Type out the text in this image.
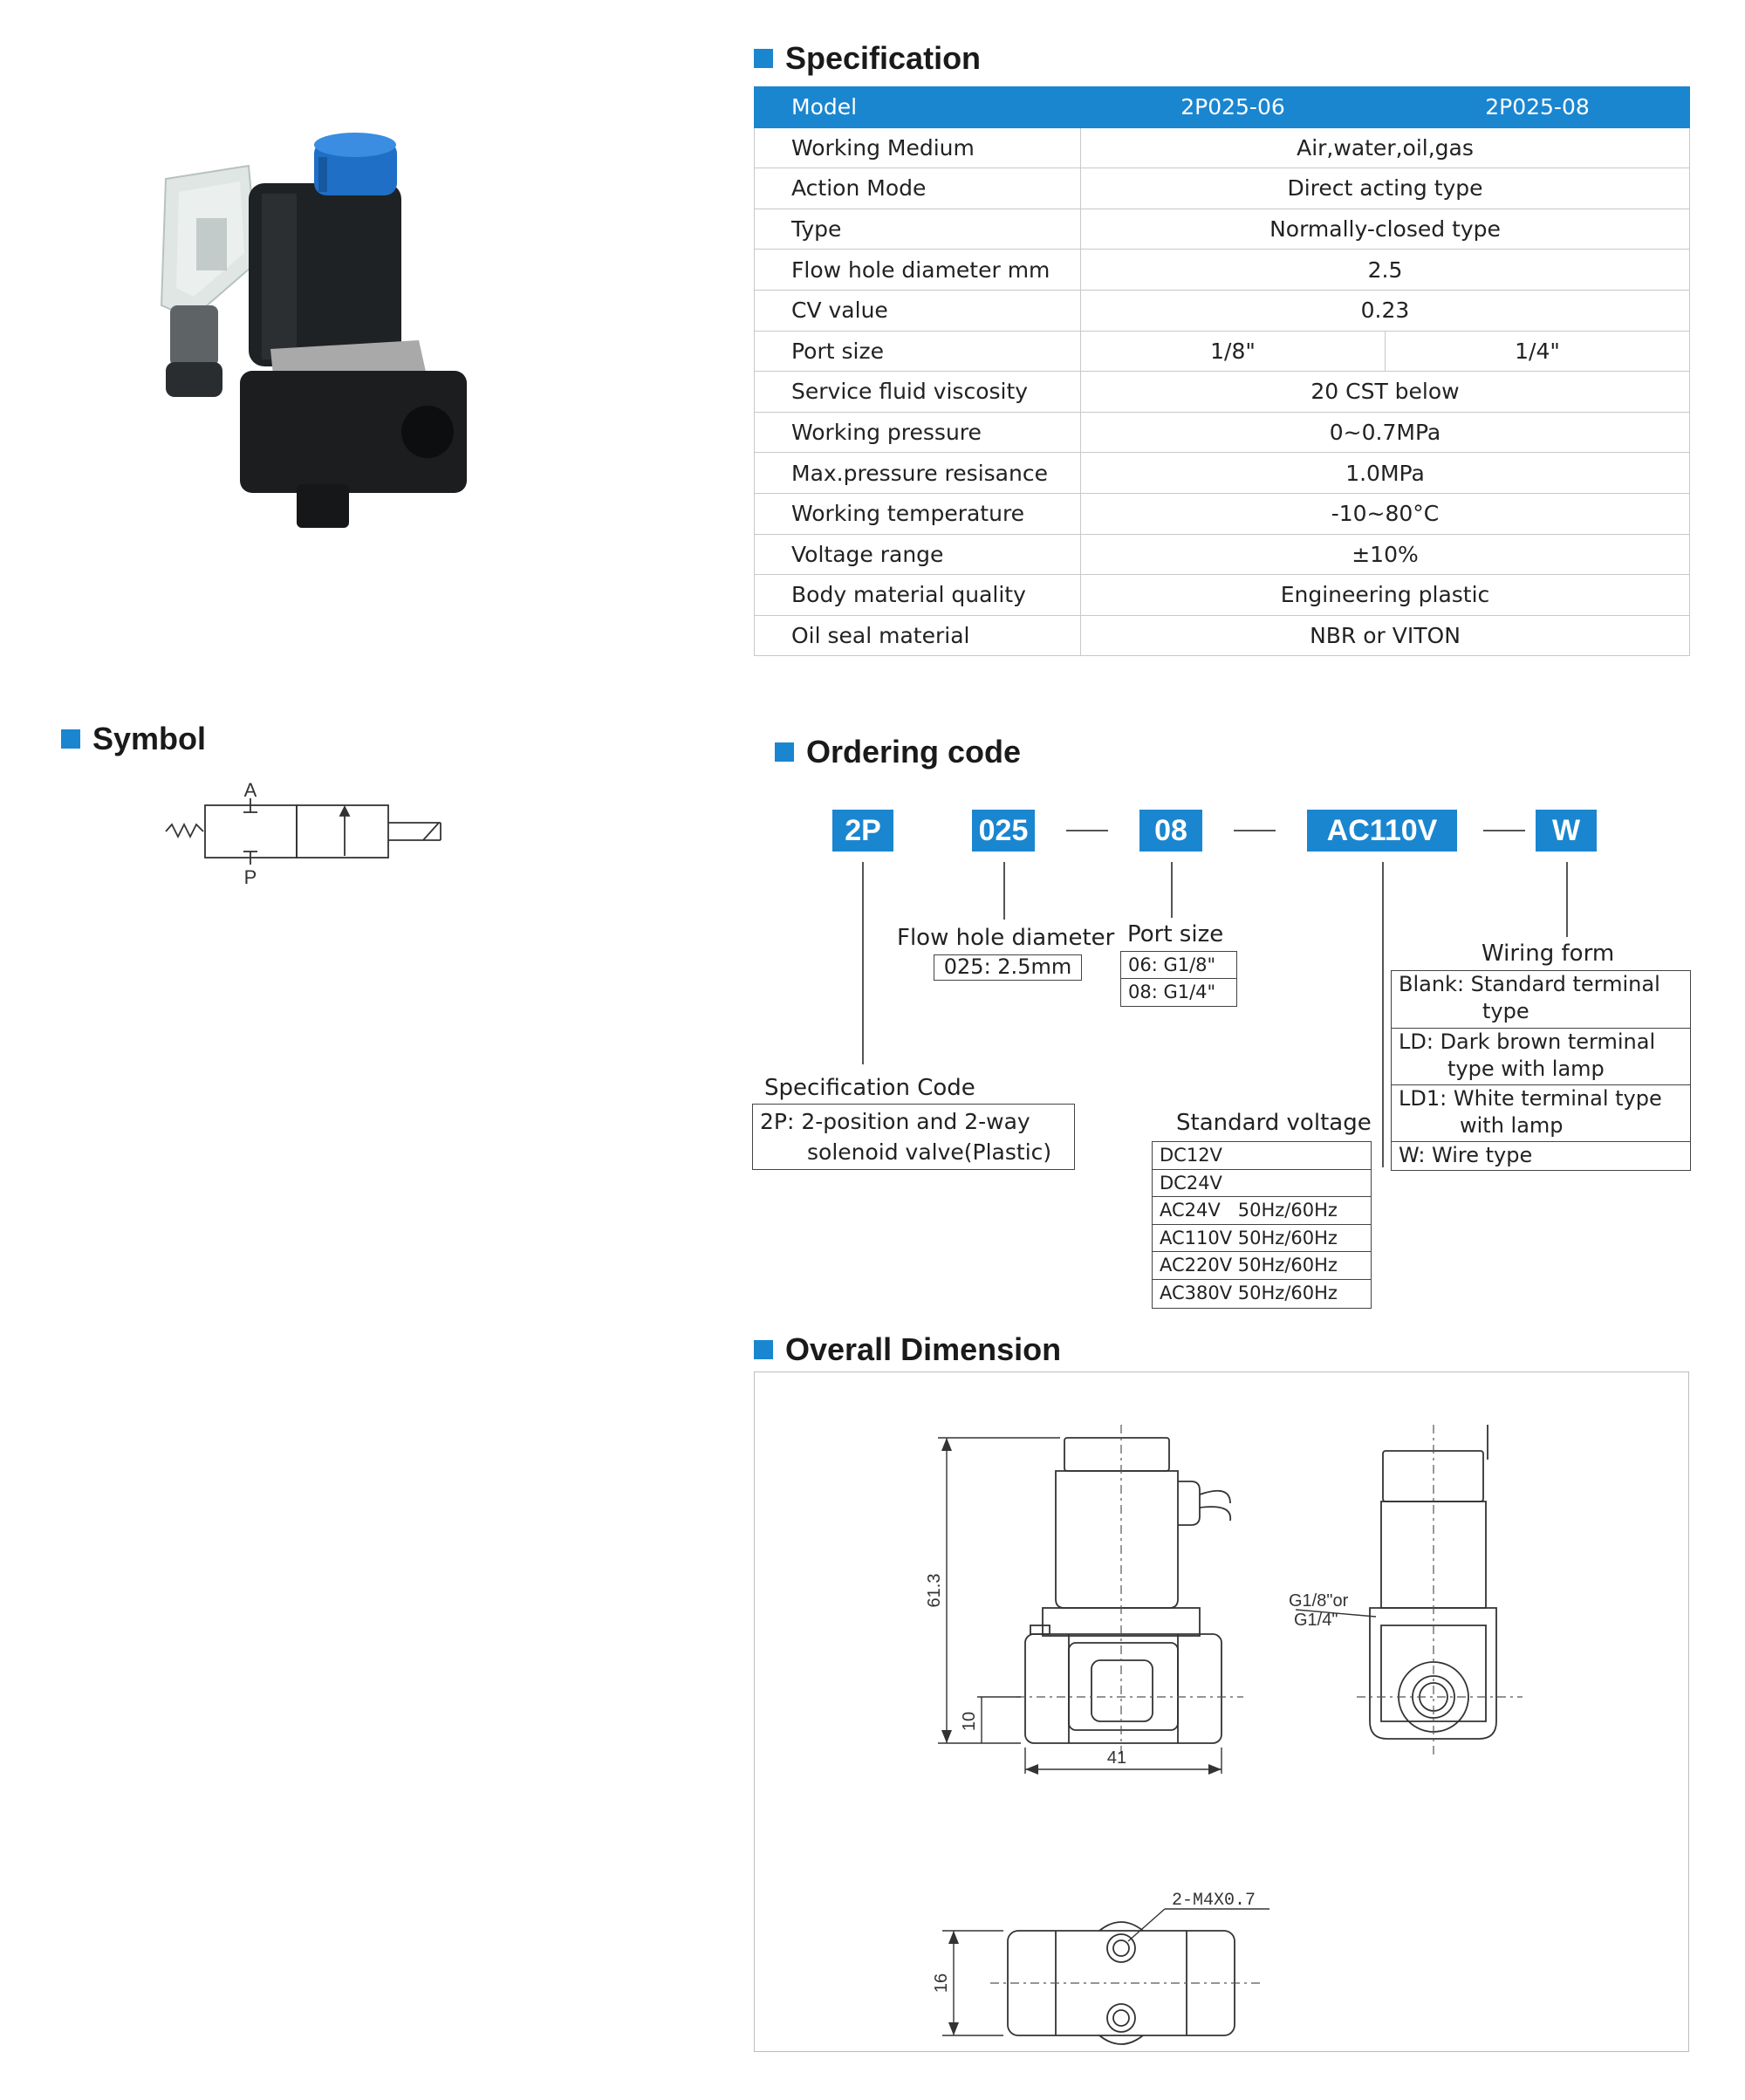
Specification
Model	2P025-06	2P025-08
Working Medium	Air,water,oil,gas	
Action Mode	Direct acting type	
Type	Normally-closed type	
Flow hole diameter mm	2.5	
CV value	0.23	
Port size	1/8"	1/4"
Service fluid viscosity	20 CST below	
Working pressure	0~0.7MPa	
Max.pressure resisance	1.0MPa	
Working temperature	-10~80°C	
Voltage range	±10%	
Body material quality	Engineering plastic	
Oil seal material	NBR or VITON	
Symbol
A
P
Ordering code
2P	025	08	AC110V	W
Specification Code
2P: 2-position and 2-way
solenoid valve(Plastic)
Flow hole diameter
025: 2.5mm
Port size
06: G1/8"
08: G1/4"
Standard voltage
DC12V
DC24V
AC24V   50Hz/60Hz
AC110V 50Hz/60Hz
AC220V 50Hz/60Hz
AC380V 50Hz/60Hz
Wiring form
Blank: Standard terminal
type
LD: Dark brown terminal
type with lamp
LD1: White terminal type
with lamp
W: Wire type
Overall Dimension
61.3
10
41
G1/8"or
G1/4"
2-M4X0.7
16
